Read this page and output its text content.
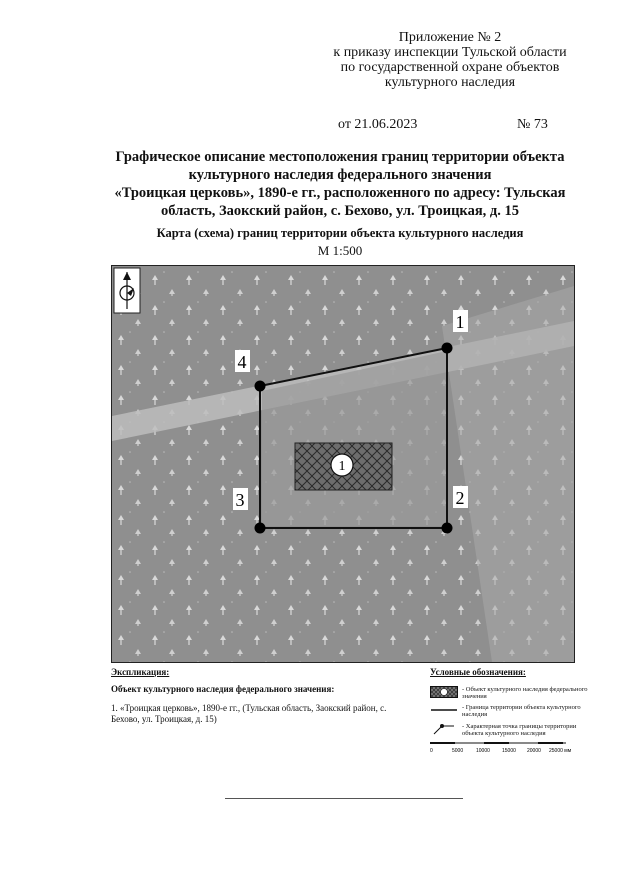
Приложение № 2
к приказу инспекции Тульской области
по государственной охране объектов
культурного наследия
от 21.06.2023	№ 73
Графическое описание местоположения границ территории объекта
культурного наследия федерального значения
«Троицкая церковь», 1890-е гг., расположенного по адресу: Тульская
область, Заокский район, с. Бехово, ул. Троицкая, д. 15
Карта (схема) границ территории объекта культурного наследия
М 1:500
1
1
2
3
4
Экспликация:
Объект культурного наследия федерального значения:
1. «Троицкая церковь», 1890-е гг., (Тульская область, Заокский район, с. Бехово, ул. Троицкая, д. 15)
Условные обозначения:
- Объект культурного наследия федерального значения
- Граница территории объекта культурного наследия
- Характерная точка границы территории объекта культурного наследия
0	5000	10000 15000 20000 25000 мм
